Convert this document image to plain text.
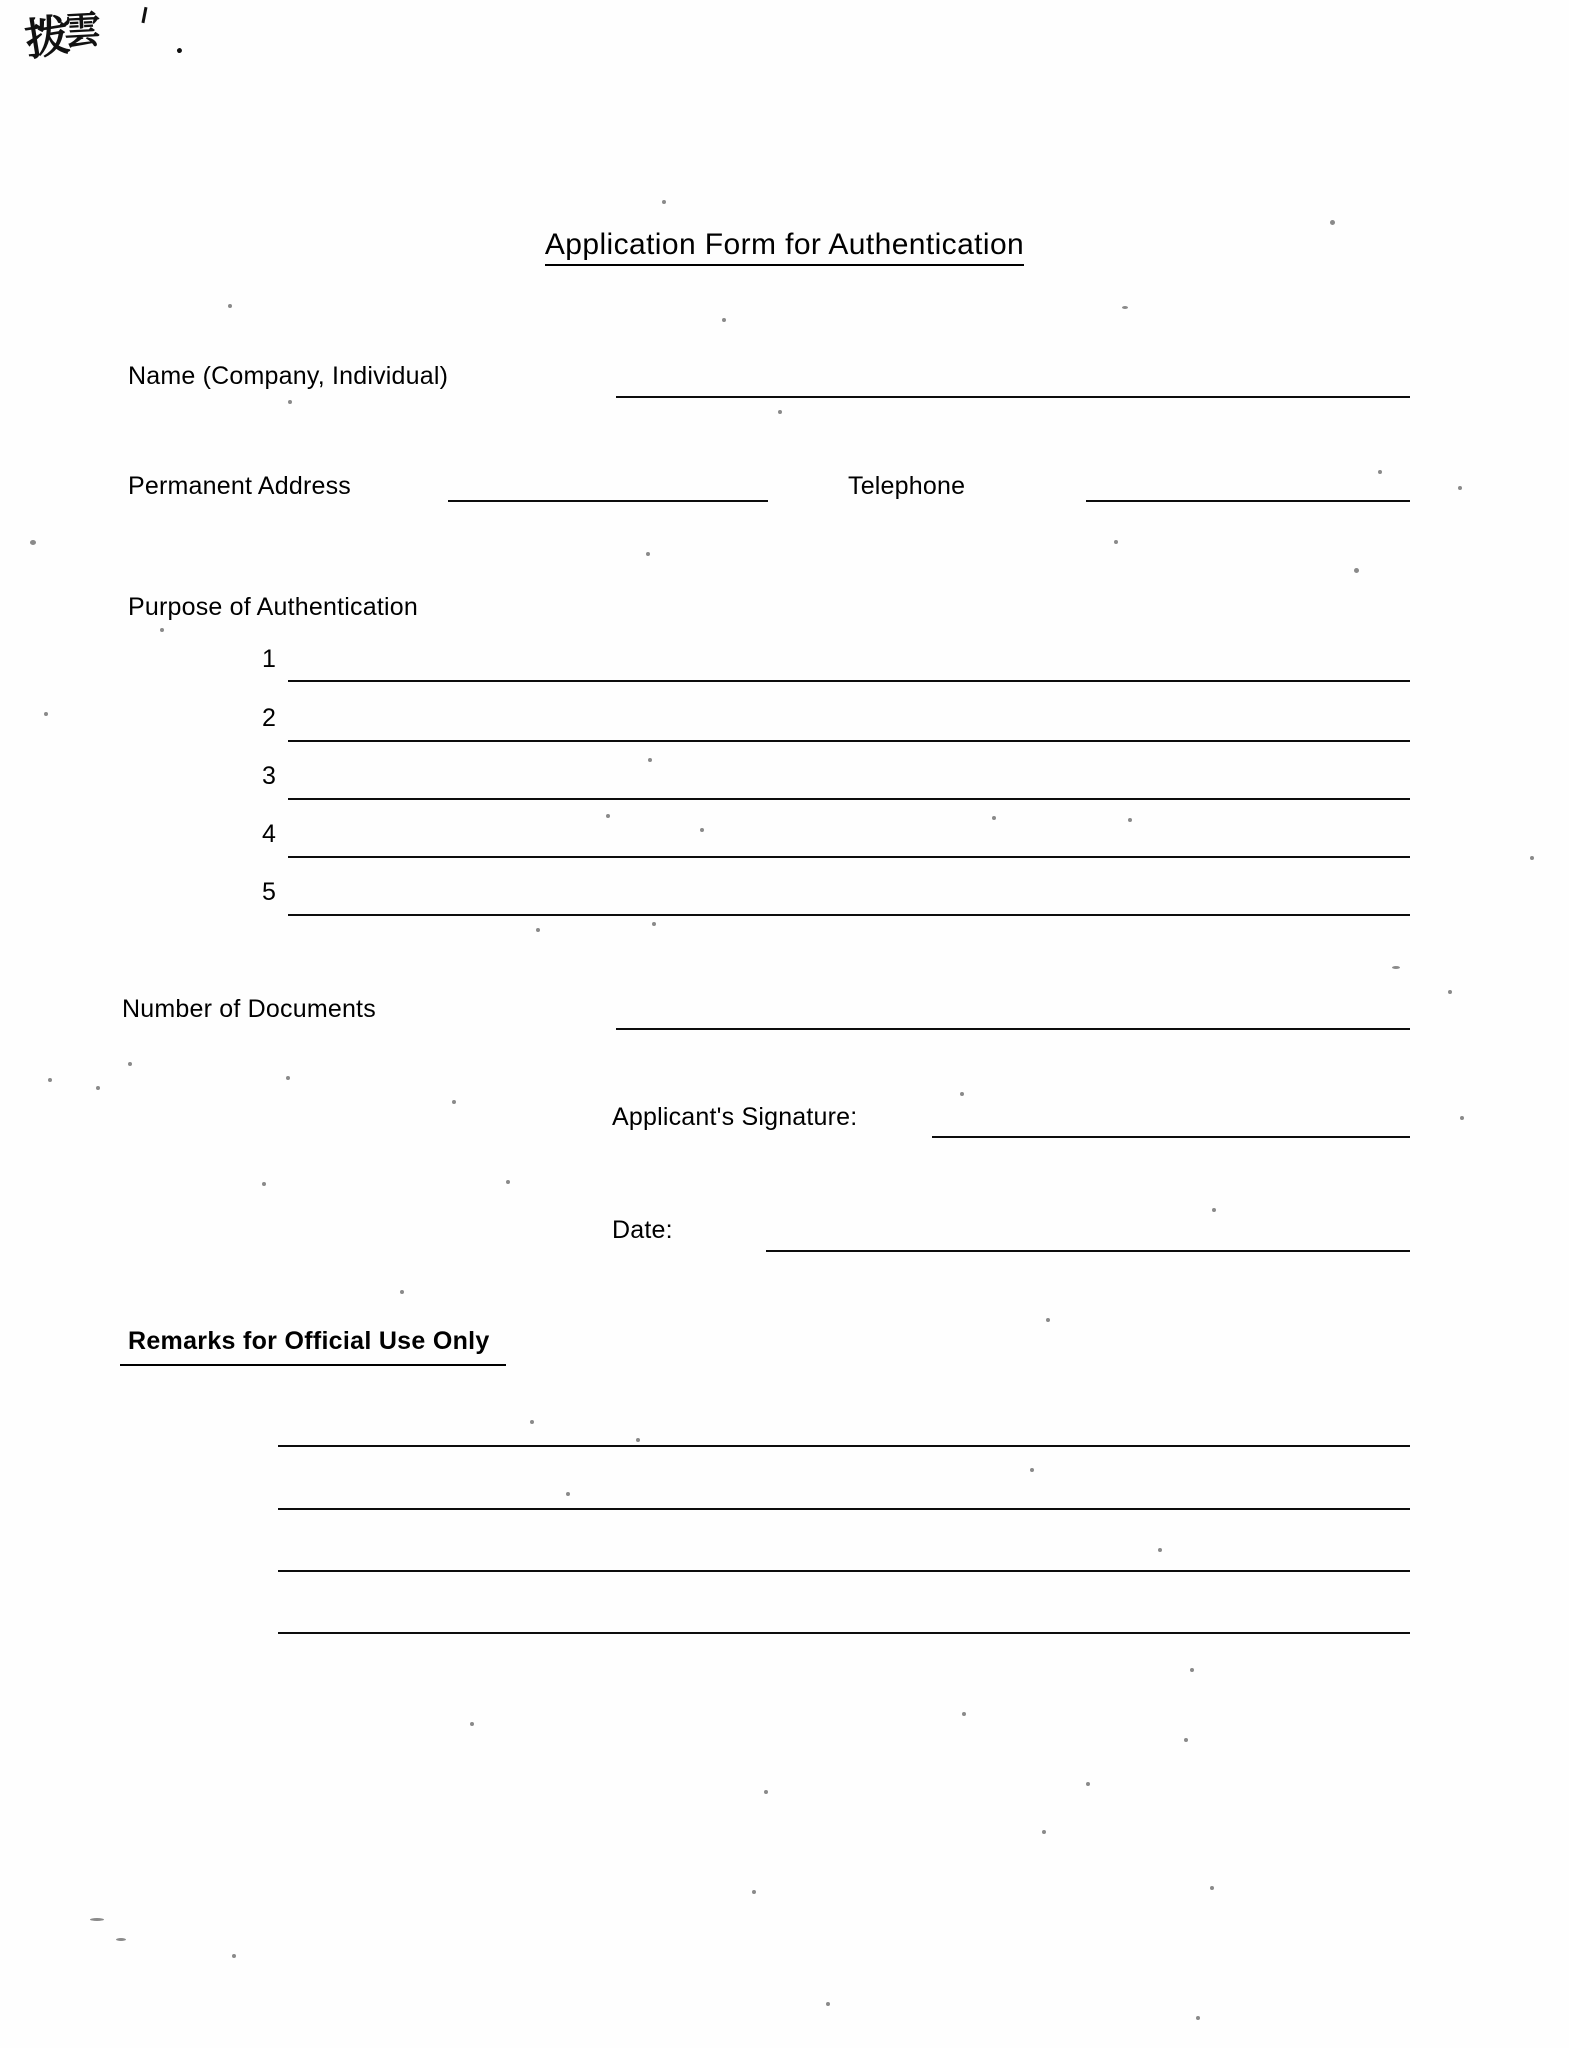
拨雲
Application Form for Authentication
Name (Company, Individual)
Permanent Address	Telephone
Purpose of Authentication
1
2
3
4
5
Number of Documents
Applicant's Signature:
Date:
Remarks for Official Use Only
